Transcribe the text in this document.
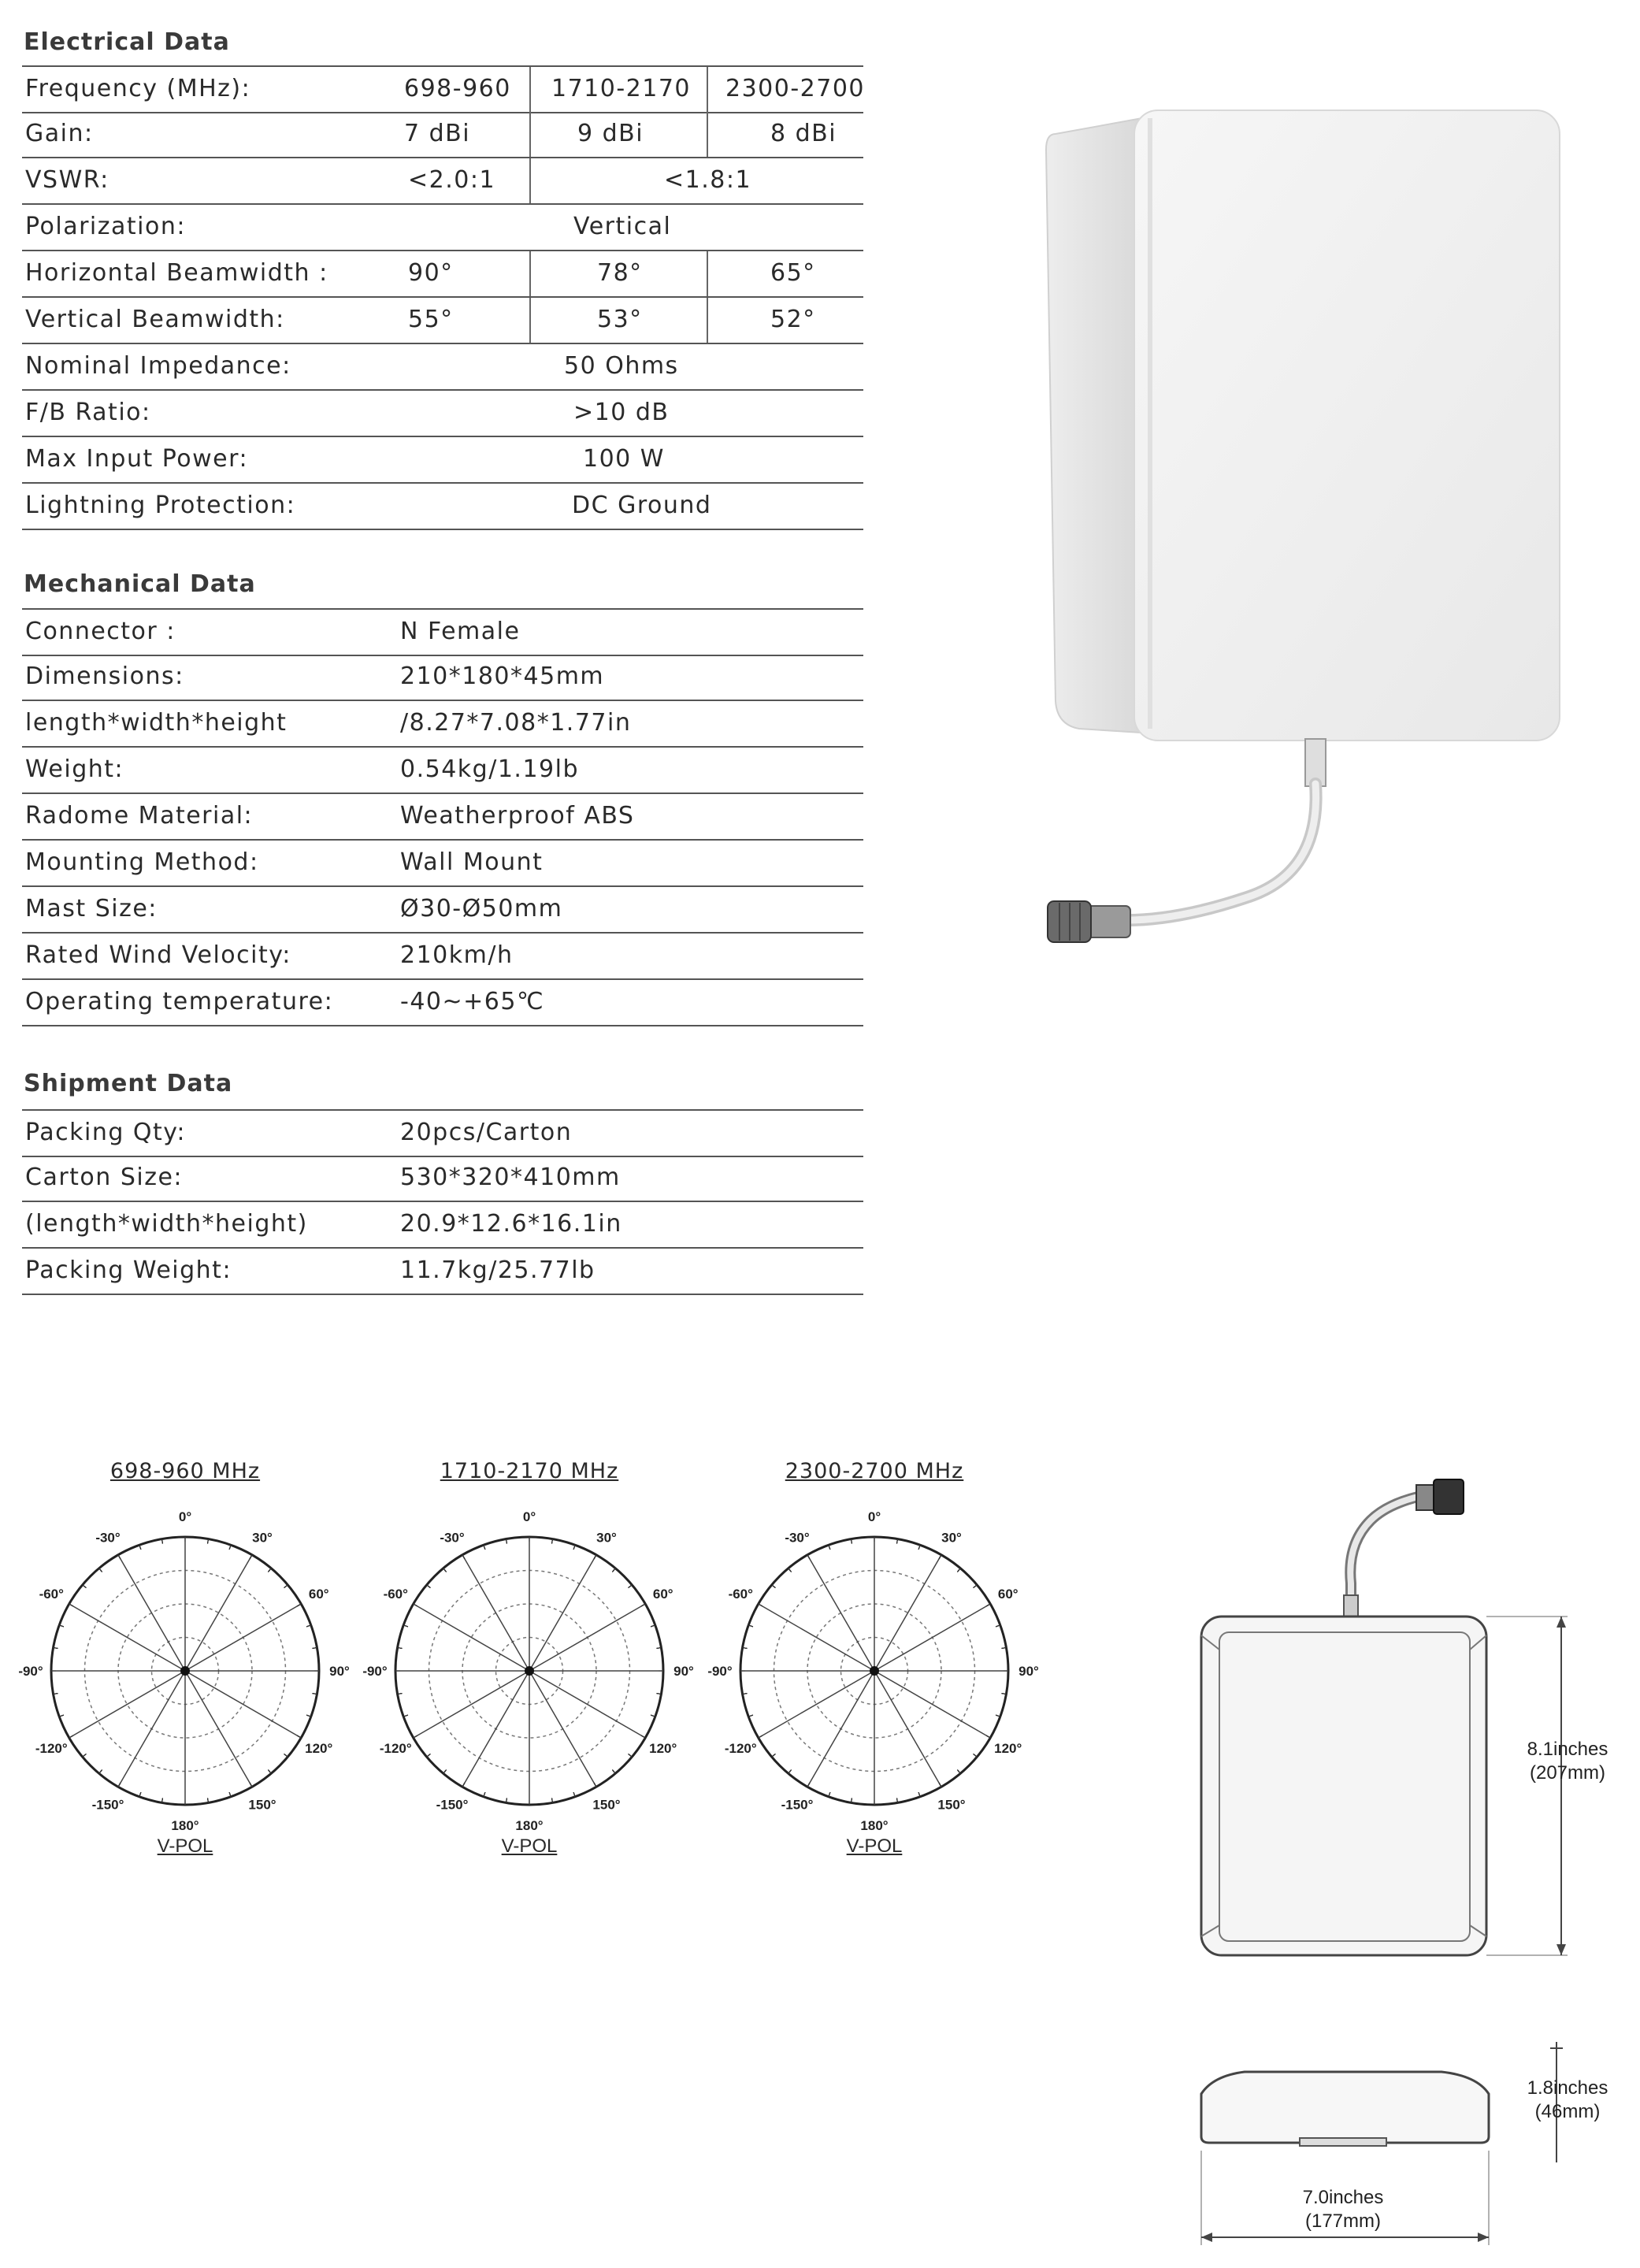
Electrical Data
Frequency (MHz):	698-960 1710-2170 2300-2700
Gain:	7 dBi	9 dBi	8 dBi
VSWR:	<2.0:1	<1.8:1
Polarization:	Vertical
Horizontal Beamwidth :	90°	78°	65°
Vertical Beamwidth:	55°	53°	52°
Nominal Impedance:	50 Ohms
F/B Ratio:	>10 dB
Max Input Power:	100 W
Lightning Protection:	DC Ground
Mechanical Data
Connector :	N Female
Dimensions:	210*180*45mm
length*width*height	/8.27*7.08*1.77in
Weight:	0.54kg/1.19lb
Radome Material:	Weatherproof ABS
Mounting Method:	Wall Mount
Mast Size:	Ø30-Ø50mm
Rated Wind Velocity:	210km/h
Operating temperature:	-40~+65℃
Shipment Data
Packing Qty:	20pcs/Carton
Carton Size:	530*320*410mm
(length*width*height)	20.9*12.6*16.1in
Packing Weight:	11.7kg/25.77lb
698-960 MHz
0°
30°
60°
90°
120°
150°
180°
-150°
-120°
-90°
-60°
-30°
V-POL
1710-2170 MHz
0°
30°
60°
90°
120°
150°
180°
-150°
-120°
-90°
-60°
-30°
V-POL
2300-2700 MHz
0°
30°
60°
90°
120°
150°
180°
-150°
-120°
-90°
-60°
-30°
V-POL
8.1inches
(207mm)
1.8inches
(46mm)
7.0inches
(177mm)
